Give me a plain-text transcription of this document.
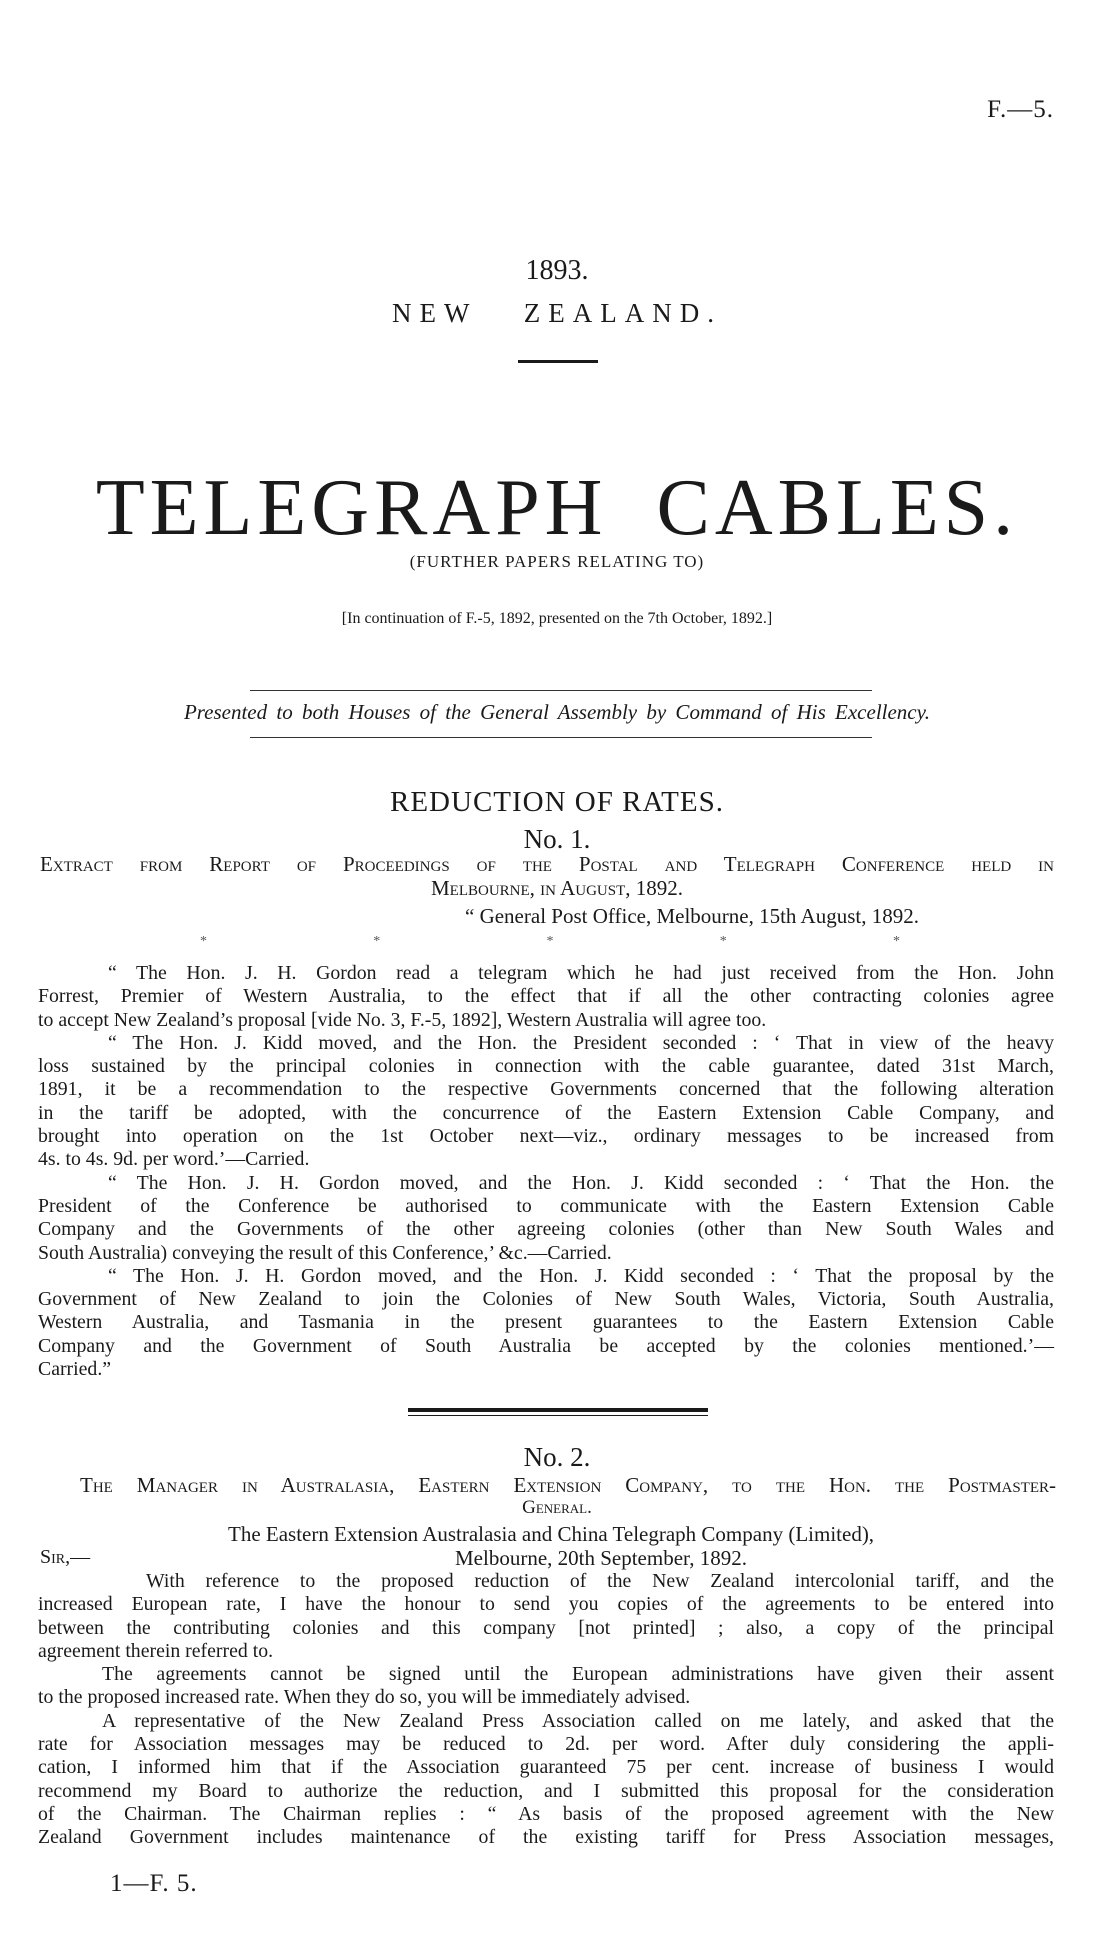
F.—5.
1893.
NEW ZEALAND.
TELEGRAPH CABLES.
(FURTHER PAPERS RELATING TO)
[In continuation of F.-5, 1892, presented on the 7th October, 1892.]
Presented to both Houses of the General Assembly by Command of His Excellency.
REDUCTION OF RATES.
No. 1.
Extract from Report of Proceedings of the Postal and Telegraph Conference held in
Melbourne, in August, 1892.
“ General Post Office, Melbourne, 15th August, 1892.
*	*	*	*	*
“ The Hon. J. H. Gordon read a telegram which he had just received from the Hon. John
Forrest, Premier of Western Australia, to the effect that if all the other contracting colonies agree
to accept New Zealand’s proposal [vide No. 3, F.-5, 1892], Western Australia will agree too.
“ The Hon. J. Kidd moved, and the Hon. the President seconded : ‘ That in view of the heavy
loss sustained by the principal colonies in connection with the cable guarantee, dated 31st March,
1891, it be a recommendation to the respective Governments concerned that the following alteration
in the tariff be adopted, with the concurrence of the Eastern Extension Cable Company, and
brought into operation on the 1st October next—viz., ordinary messages to be increased from
4s. to 4s. 9d. per word.’—Carried.
“ The Hon. J. H. Gordon moved, and the Hon. J. Kidd seconded : ‘ That the Hon. the
President of the Conference be authorised to communicate with the Eastern Extension Cable
Company and the Governments of the other agreeing colonies (other than New South Wales and
South Australia) conveying the result of this Conference,’ &c.—Carried.
“ The Hon. J. H. Gordon moved, and the Hon. J. Kidd seconded : ‘ That the proposal by the
Government of New Zealand to join the Colonies of New South Wales, Victoria, South Australia,
Western Australia, and Tasmania in the present guarantees to the Eastern Extension Cable
Company and the Government of South Australia be accepted by the colonies mentioned.’—
Carried.”
No. 2.
The Manager in Australasia, Eastern Extension Company, to the Hon. the Postmaster-
General.
The Eastern Extension Australasia and China Telegraph Company (Limited),
Sir,—	Melbourne, 20th September, 1892.
With reference to the proposed reduction of the New Zealand intercolonial tariff, and the
increased European rate, I have the honour to send you copies of the agreements to be entered into
between the contributing colonies and this company [not printed] ; also, a copy of the principal
agreement therein referred to.
The agreements cannot be signed until the European administrations have given their assent
to the proposed increased rate. When they do so, you will be immediately advised.
A representative of the New Zealand Press Association called on me lately, and asked that the
rate for Association messages may be reduced to 2d. per word. After duly considering the appli-
cation, I informed him that if the Association guaranteed 75 per cent. increase of business I would
recommend my Board to authorize the reduction, and I submitted this proposal for the consideration
of the Chairman. The Chairman replies : “ As basis of the proposed agreement with the New
Zealand Government includes maintenance of the existing tariff for Press Association messages,
1—F. 5.
